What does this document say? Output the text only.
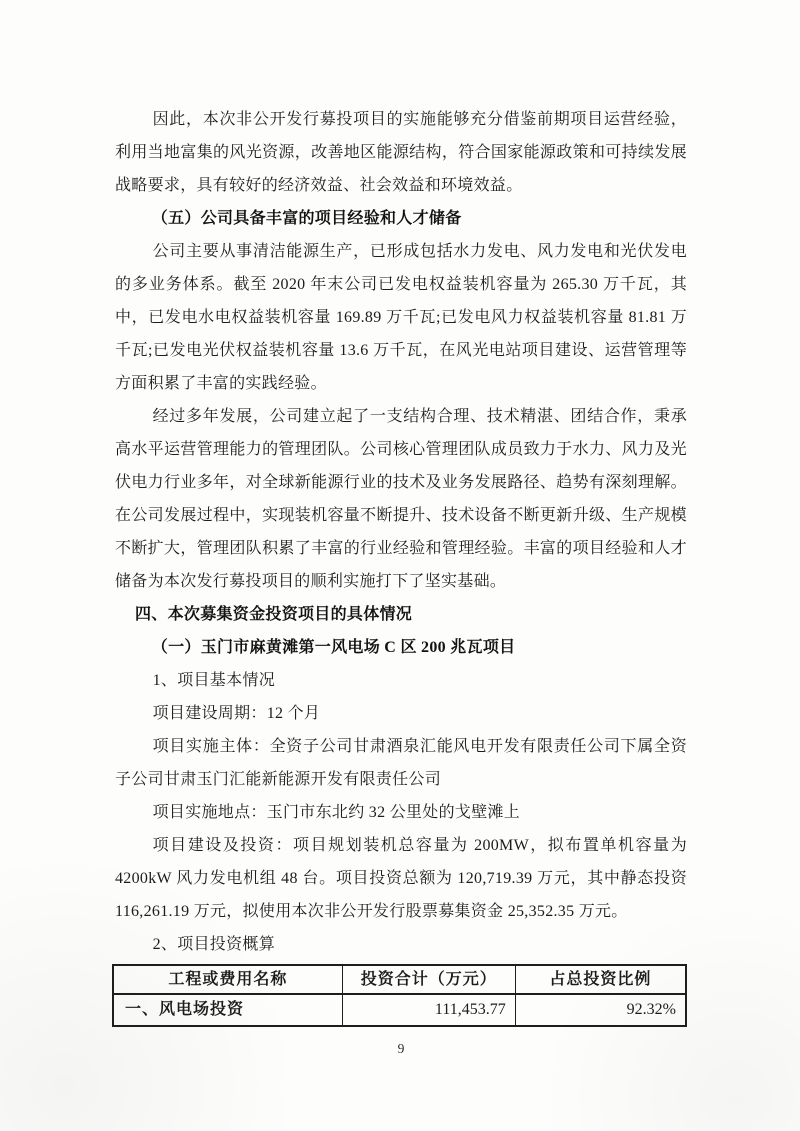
因此，本次非公开发行募投项目的实施能够充分借鉴前期项目运营经验，利用当地富集的风光资源，改善地区能源结构，符合国家能源政策和可持续发展战略要求，具有较好的经济效益、社会效益和环境效益。

（五）公司具备丰富的项目经验和人才储备

公司主要从事清洁能源生产，已形成包括水力发电、风力发电和光伏发电的多业务体系。截至 2020 年末公司已发电权益装机容量为 265.30 万千瓦，其中，已发电水电权益装机容量 169.89 万千瓦;已发电风力权益装机容量 81.81 万千瓦;已发电光伏权益装机容量 13.6 万千瓦，在风光电站项目建设、运营管理等方面积累了丰富的实践经验。

经过多年发展，公司建立起了一支结构合理、技术精湛、团结合作，秉承高水平运营管理能力的管理团队。公司核心管理团队成员致力于水力、风力及光伏电力行业多年，对全球新能源行业的技术及业务发展路径、趋势有深刻理解。在公司发展过程中，实现装机容量不断提升、技术设备不断更新升级、生产规模不断扩大，管理团队积累了丰富的行业经验和管理经验。丰富的项目经验和人才储备为本次发行募投项目的顺利实施打下了坚实基础。

四、本次募集资金投资项目的具体情况

（一）玉门市麻黄滩第一风电场 C 区 200 兆瓦项目

1、项目基本情况

项目建设周期：12 个月

项目实施主体：全资子公司甘肃酒泉汇能风电开发有限责任公司下属全资子公司甘肃玉门汇能新能源开发有限责任公司

项目实施地点：玉门市东北约 32 公里处的戈壁滩上

项目建设及投资：项目规划装机总容量为 200MW，拟布置单机容量为 4200kW 风力发电机组 48 台。项目投资总额为 120,719.39 万元，其中静态投资 116,261.19 万元，拟使用本次非公开发行股票募集资金 25,352.35 万元。

2、项目投资概算

工程或费用名称	投资合计（万元）	占总投资比例
一、风电场投资	111,453.77	92.32%
9
